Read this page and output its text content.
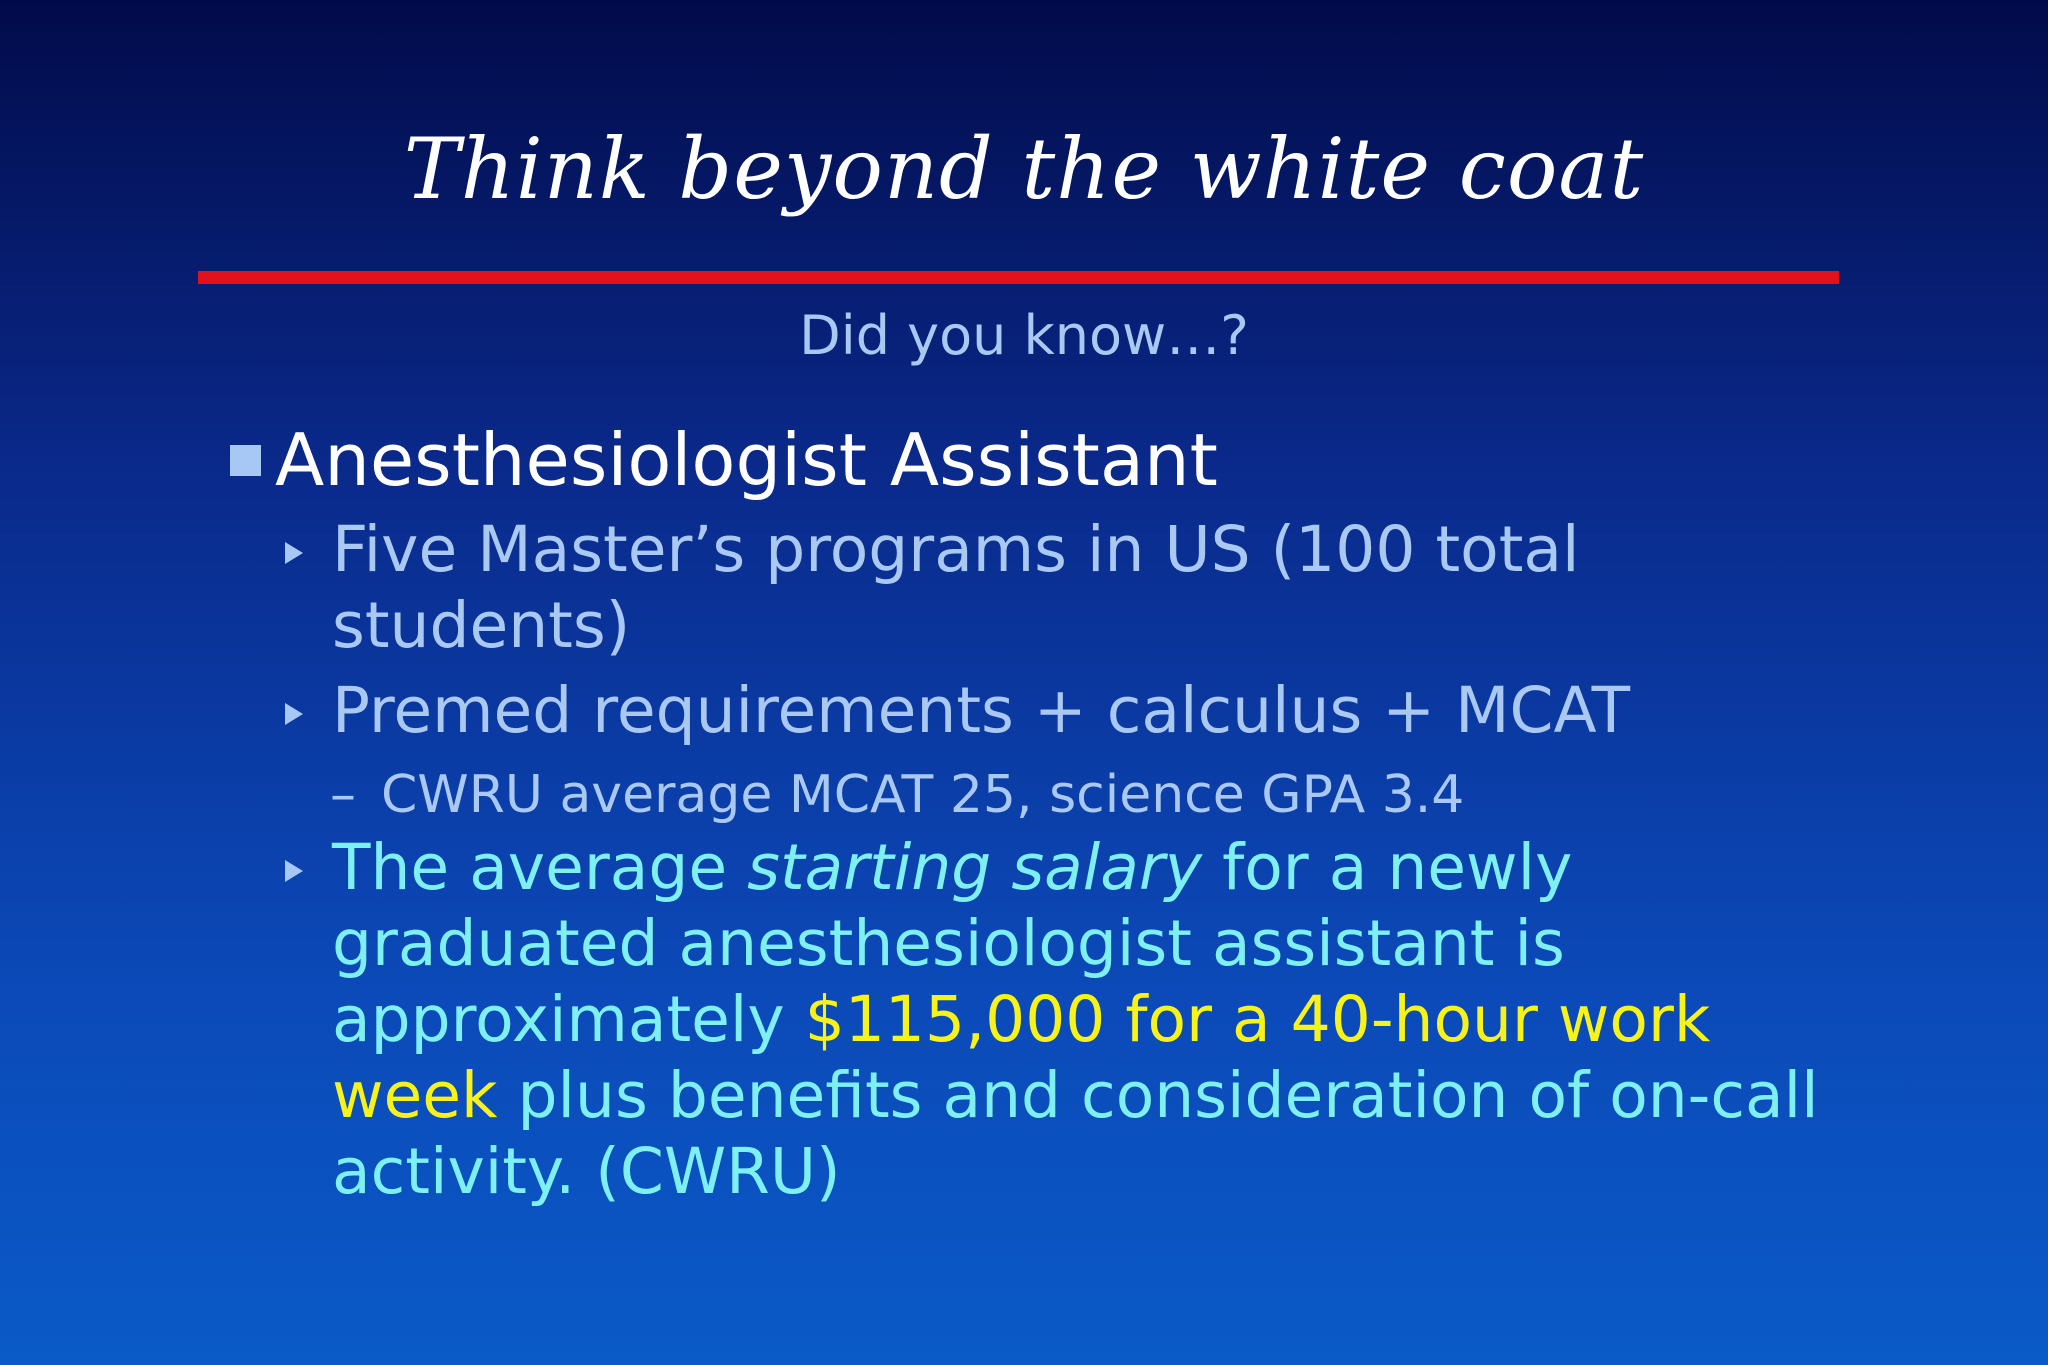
Think beyond the white coat
Did you know…?
Anesthesiologist Assistant
Five Master’s programs in US (100 total
students)
Premed requirements + calculus + MCAT
– CWRU average MCAT 25, science GPA 3.4
The average starting salary for a newly
graduated anesthesiologist assistant is
approximately $115,000 for a 40-hour work
week plus benefits and consideration of on-call
activity. (CWRU)
